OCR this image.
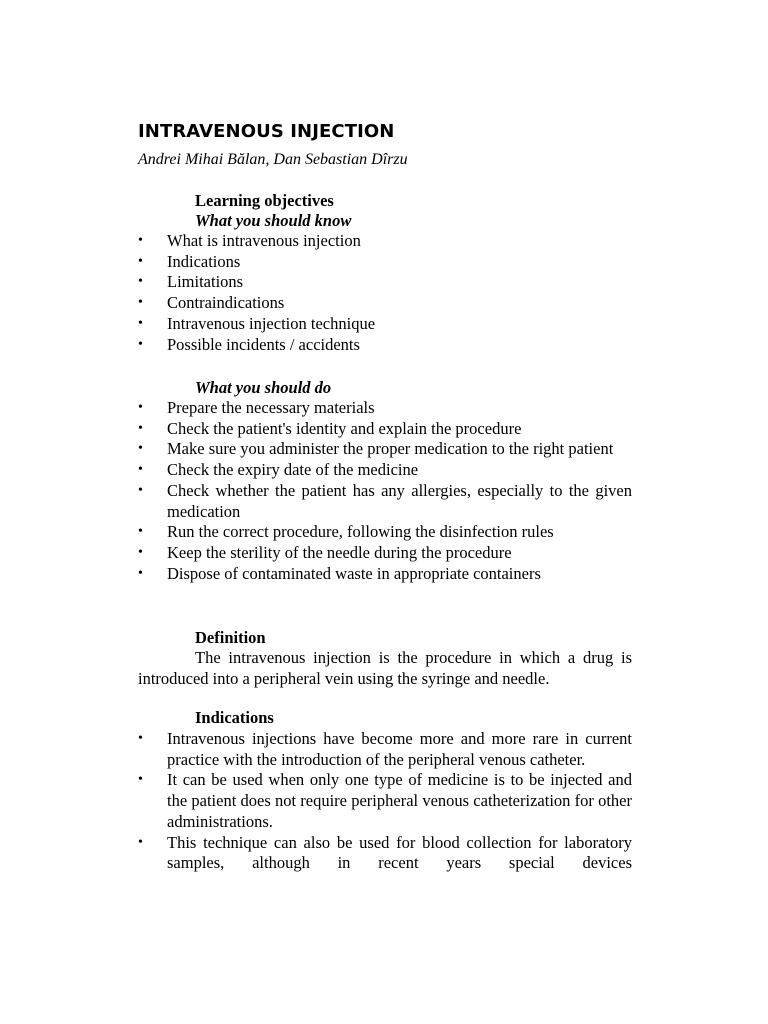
INTRAVENOUS INJECTION
Andrei Mihai Bălan, Dan Sebastian Dîrzu
Learning objectives
What you should know
• What is intravenous injection
• Indications
• Limitations
• Contraindications
• Intravenous injection technique
• Possible incidents / accidents
What you should do
• Prepare the necessary materials
• Check the patient's identity and explain the procedure
• Make sure you administer the proper medication to the right patient
• Check the expiry date of the medicine
• Check whether the patient has any allergies, especially to the given medication
• Run the correct procedure, following the disinfection rules
• Keep the sterility of the needle during the procedure
• Dispose of contaminated waste in appropriate containers
Definition
The intravenous injection is the procedure in which a drug is introduced into a peripheral vein using the syringe and needle.
Indications
• Intravenous injections have become more and more rare in current practice with the introduction of the peripheral venous catheter.
• It can be used when only one type of medicine is to be injected and the patient does not require peripheral venous catheterization for other administrations.
• This technique can also be used for blood collection for laboratory samples, although in recent years special devices
